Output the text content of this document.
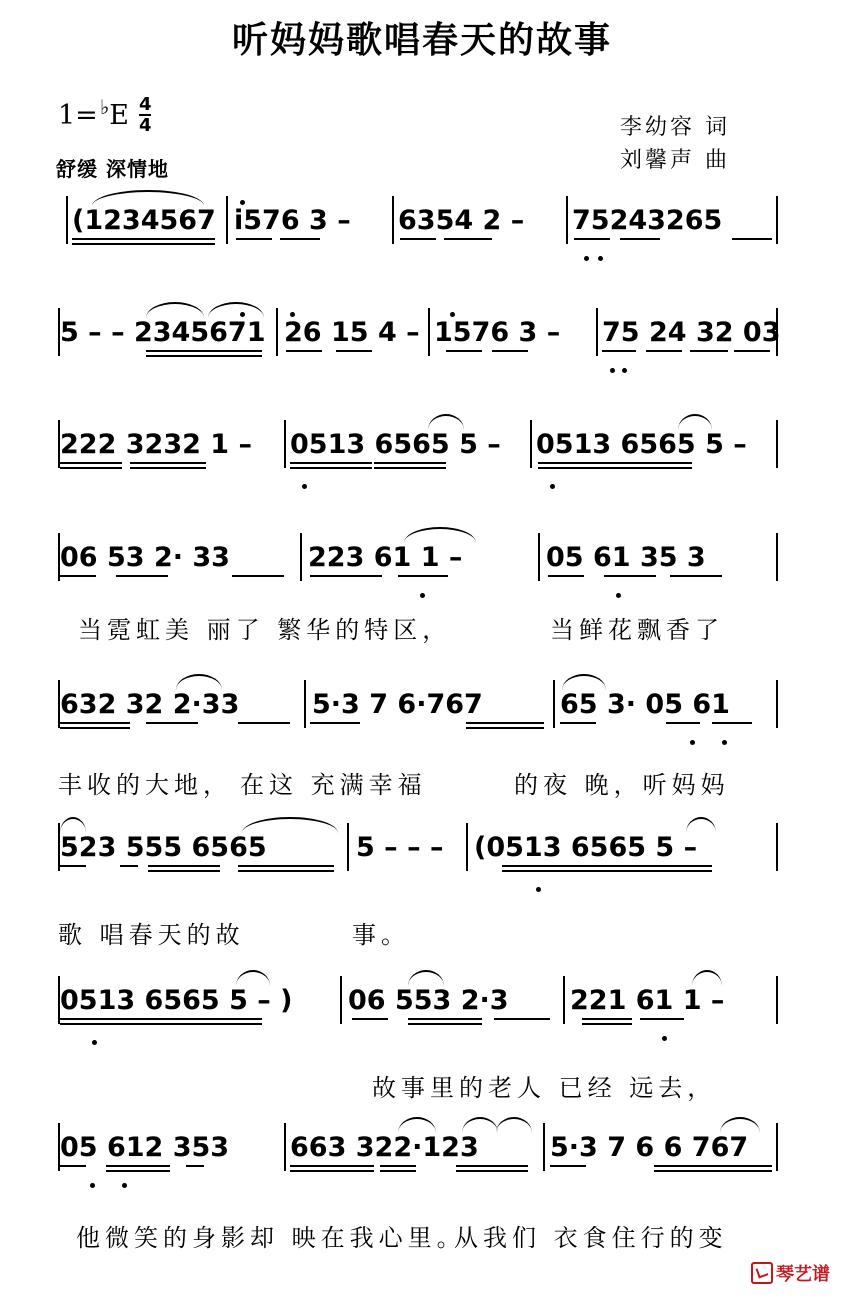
听妈妈歌唱春天的故事
1= ♭ E 4
4
舒缓 深情地
李幼容 词
刘馨声 曲
(1234567 i576 3 – 6354 2 – 75243265
5 – – 2345671 26 15 4 – 1576 3 – 75 24 32 03
222 3232 1 – 0513 6565 5 – 0513 6565 5 –
06 53 2· 33	223 61 1 –	05 61 35 3
632 32 2·33	5·3 7 6·767	65 3· 05 61
523 555 6565	5 – – – (0513 6565 5 –
0513 6565 5 – ) 06 553 2·3 221 61 1 –
05 612 353 663 322·123	5·3 7 6 6 767
当霓虹美 丽了 繁华的特区，	当鲜花飘香了
丰收的大地， 在这 充满幸福	的夜 晚，听妈妈
歌 唱春天的故	事。
故事里的老人 已经 远去，
他微笑的身影却 映在我心里。
从我们 衣食住行的变
琴艺谱
